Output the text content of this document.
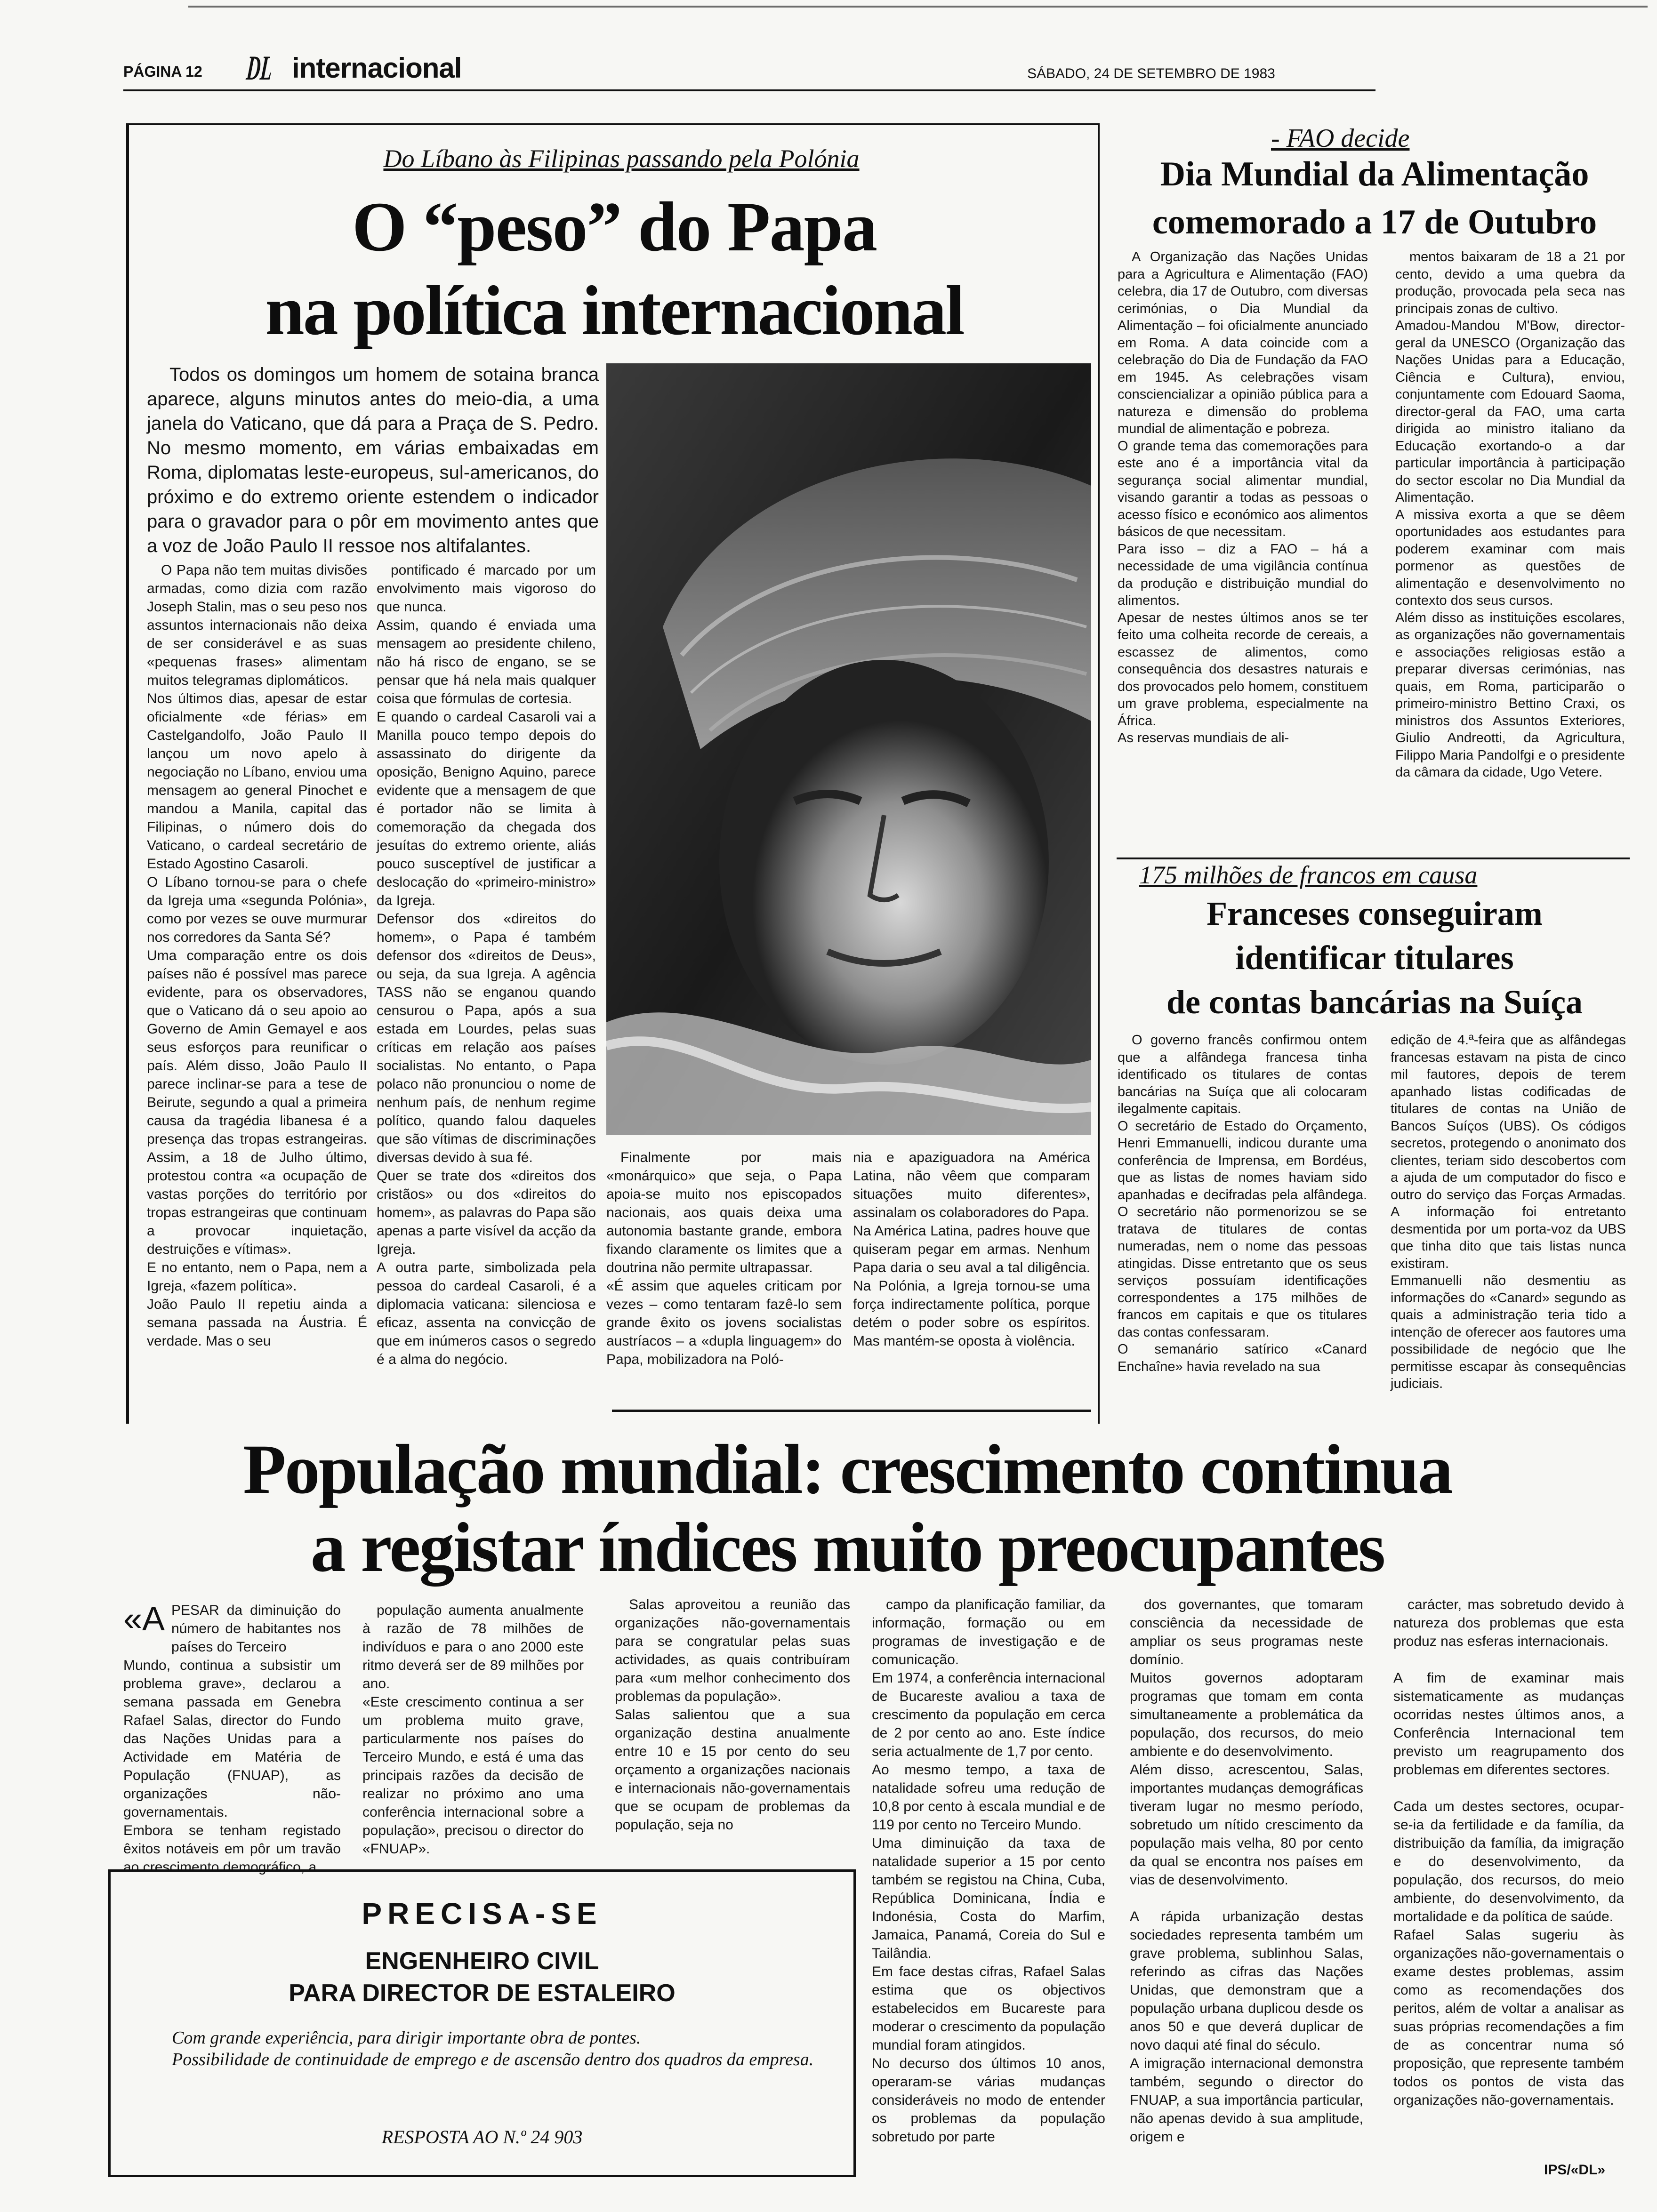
PÁGINA 12	DL internacional	SÁBADO, 24 DE SETEMBRO DE 1983
Do Líbano às Filipinas passando pela Polónia
O “peso” do Papa
na política internacional
Todos os domingos um homem de sotaina branca aparece, alguns minutos antes do meio-dia, a uma janela do Vaticano, que dá para a Praça de S. Pedro. No mesmo momento, em várias embaixadas em Roma, diplomatas leste-europeus, sul-americanos, do próximo e do extremo oriente estendem o indicador para o gravador para o pôr em movimento antes que a voz de João Paulo II ressoe nos altifalantes.
O Papa não tem muitas divisões armadas, como dizia com razão Joseph Stalin, mas o seu peso nos assuntos internacionais não deixa de ser considerável e as suas «pequenas frases» alimentam muitos telegramas diplomáticos.
Nos últimos dias, apesar de estar oficialmente «de férias» em Castelgandolfo, João Paulo II lançou um novo apelo à negociação no Líbano, enviou uma mensagem ao general Pinochet e mandou a Manila, capital das Filipinas, o número dois do Vaticano, o cardeal secretário de Estado Agostino Casaroli.
O Líbano tornou-se para o chefe da Igreja uma «segunda Polónia», como por vezes se ouve murmurar nos corredores da Santa Sé?
Uma comparação entre os dois países não é possível mas parece evidente, para os observadores, que o Vaticano dá o seu apoio ao Governo de Amin Gemayel e aos seus esforços para reunificar o país. Além disso, João Paulo II parece inclinar-se para a tese de Beirute, segundo a qual a primeira causa da tragédia libanesa é a presença das tropas estrangeiras. Assim, a 18 de Julho último, protestou contra «a ocupação de vastas porções do território por tropas estrangeiras que continuam a provocar inquietação, destruições e vítimas».
E no entanto, nem o Papa, nem a Igreja, «fazem política».
João Paulo II repetiu ainda a semana passada na Áustria. É verdade. Mas o seu
pontificado é marcado por um envolvimento mais vigoroso do que nunca.
Assim, quando é enviada uma mensagem ao presidente chileno, não há risco de engano, se se pensar que há nela mais qualquer coisa que fórmulas de cortesia.
E quando o cardeal Casaroli vai a Manilla pouco tempo depois do assassinato do dirigente da oposição, Benigno Aquino, parece evidente que a mensagem de que é portador não se limita à comemoração da chegada dos jesuítas do extremo oriente, aliás pouco susceptível de justificar a deslocação do «primeiro-ministro» da Igreja.
Defensor dos «direitos do homem», o Papa é também defensor dos «direitos de Deus», ou seja, da sua Igreja. A agência TASS não se enganou quando censurou o Papa, após a sua estada em Lourdes, pelas suas críticas em relação aos países socialistas. No entanto, o Papa polaco não pronunciou o nome de nenhum país, de nenhum regime político, quando falou daqueles que são vítimas de discriminações diversas devido à sua fé.
Quer se trate dos «direitos dos cristãos» ou dos «direitos do homem», as palavras do Papa são apenas a parte visível da acção da Igreja.
A outra parte, simbolizada pela pessoa do cardeal Casaroli, é a diplomacia vaticana: silenciosa e eficaz, assenta na convicção de que em inúmeros casos o segredo é a alma do negócio.
Finalmente por mais «monárquico» que seja, o Papa apoia-se muito nos episcopados nacionais, aos quais deixa uma autonomia bastante grande, embora fixando claramente os limites que a doutrina não permite ultrapassar.
«É assim que aqueles criticam por vezes – como tentaram fazê-lo sem grande êxito os jovens socialistas austríacos – a «dupla linguagem» do Papa, mobilizadora na Poló-
nia e apaziguadora na América Latina, não vêem que comparam situações muito diferentes», assinalam os colaboradores do Papa.
Na América Latina, padres houve que quiseram pegar em armas. Nenhum Papa daria o seu aval a tal diligência. Na Polónia, a Igreja tornou-se uma força indirectamente política, porque detém o poder sobre os espíritos. Mas mantém-se oposta à violência.
- FAO decide
Dia Mundial da Alimentação
comemorado a 17 de Outubro
A Organização das Nações Unidas para a Agricultura e Alimentação (FAO) celebra, dia 17 de Outubro, com diversas cerimónias, o Dia Mundial da Alimentação – foi oficialmente anunciado em Roma. A data coincide com a celebração do Dia de Fundação da FAO em 1945. As celebrações visam consciencializar a opinião pública para a natureza e dimensão do problema mundial de alimentação e pobreza.
O grande tema das comemorações para este ano é a importância vital da segurança social alimentar mundial, visando garantir a todas as pessoas o acesso físico e económico aos alimentos básicos de que necessitam.
Para isso – diz a FAO – há a necessidade de uma vigilância contínua da produção e distribuição mundial do alimentos.
Apesar de nestes últimos anos se ter feito uma colheita recorde de cereais, a escassez de alimentos, como consequência dos desastres naturais e dos provocados pelo homem, constituem um grave problema, especialmente na África.
As reservas mundiais de ali-
mentos baixaram de 18 a 21 por cento, devido a uma quebra da produção, provocada pela seca nas principais zonas de cultivo.
Amadou-Mandou M'Bow, director-geral da UNESCO (Organização das Nações Unidas para a Educação, Ciência e Cultura), enviou, conjuntamente com Edouard Saoma, director-geral da FAO, uma carta dirigida ao ministro italiano da Educação exortando-o a dar particular importância à participação do sector escolar no Dia Mundial da Alimentação.
A missiva exorta a que se dêem oportunidades aos estudantes para poderem examinar com mais pormenor as questões de alimentação e desenvolvimento no contexto dos seus cursos.
Além disso as instituições escolares, as organizações não governamentais e associações religiosas estão a preparar diversas cerimónias, nas quais, em Roma, participarão o primeiro-ministro Bettino Craxi, os ministros dos Assuntos Exteriores, Giulio Andreotti, da Agricultura, Filippo Maria Pandolfgi e o presidente da câmara da cidade, Ugo Vetere.
175 milhões de francos em causa
Franceses conseguiram
identificar titulares
de contas bancárias na Suíça
O governo francês confirmou ontem que a alfândega francesa tinha identificado os titulares de contas bancárias na Suíça que ali colocaram ilegalmente capitais.
O secretário de Estado do Orçamento, Henri Emmanuelli, indicou durante uma conferência de Imprensa, em Bordéus, que as listas de nomes haviam sido apanhadas e decifradas pela alfândega. O secretário não pormenorizou se se tratava de titulares de contas numeradas, nem o nome das pessoas atingidas. Disse entretanto que os seus serviços possuíam identificações correspondentes a 175 milhões de francos em capitais e que os titulares das contas confessaram.
O semanário satírico «Canard Enchaîne» havia revelado na sua
edição de 4.ª-feira que as alfândegas francesas estavam na pista de cinco mil fautores, depois de terem apanhado listas codificadas de titulares de contas na União de Bancos Suíços (UBS). Os códigos secretos, protegendo o anonimato dos clientes, teriam sido descobertos com a ajuda de um computador do fisco e outro do serviço das Forças Armadas. A informação foi entretanto desmentida por um porta-voz da UBS que tinha dito que tais listas nunca existiram.
Emmanuelli não desmentiu as informações do «Canard» segundo as quais a administração teria tido a intenção de oferecer aos fautores uma possibilidade de negócio que lhe permitisse escapar às consequências judiciais.
População mundial: crescimento continua
a registar índices muito preocupantes
«A PESAR da diminuição do número de habitantes nos países do Terceiro
Mundo, continua a subsistir um problema grave», declarou a semana passada em Genebra Rafael Salas, director do Fundo das Nações Unidas para a Actividade em Matéria de População (FNUAP), as organizações não-governamentais.
Embora se tenham registado êxitos notáveis em pôr um travão ao crescimento demográfico, a
população aumenta anualmente à razão de 78 milhões de indivíduos e para o ano 2000 este ritmo deverá ser de 89 milhões por ano.
«Este crescimento continua a ser um problema muito grave, particularmente nos países do Terceiro Mundo, e está é uma das principais razões da decisão de realizar no próximo ano uma conferência internacional sobre a população», precisou o director do «FNUAP».
Salas aproveitou a reunião das organizações não-governamentais para se congratular pelas suas actividades, as quais contribuíram para «um melhor conhecimento dos problemas da população».
Salas salientou que a sua organização destina anualmente entre 10 e 15 por cento do seu orçamento a organizações nacionais e internacionais não-governamentais que se ocupam de problemas da população, seja no
campo da planificação familiar, da informação, formação ou em programas de investigação e de comunicação.
Em 1974, a conferência internacional de Bucareste avaliou a taxa de crescimento da população em cerca de 2 por cento ao ano. Este índice seria actualmente de 1,7 por cento.
Ao mesmo tempo, a taxa de natalidade sofreu uma redução de 10,8 por cento à escala mundial e de 119 por cento no Terceiro Mundo.
Uma diminuição da taxa de natalidade superior a 15 por cento também se registou na China, Cuba, República Dominicana, Índia e Indonésia, Costa do Marfim, Jamaica, Panamá, Coreia do Sul e Tailândia.
Em face destas cifras, Rafael Salas estima que os objectivos estabelecidos em Bucareste para moderar o crescimento da população mundial foram atingidos.
No decurso dos últimos 10 anos, operaram-se várias mudanças consideráveis no modo de entender os problemas da população sobretudo por parte
dos governantes, que tomaram consciência da necessidade de ampliar os seus programas neste domínio.
Muitos governos adoptaram programas que tomam em conta simultaneamente a problemática da população, dos recursos, do meio ambiente e do desenvolvimento.
Além disso, acrescentou, Salas, importantes mudanças demográficas tiveram lugar no mesmo período, sobretudo um nítido crescimento da população mais velha, 80 por cento da qual se encontra nos países em vias de desenvolvimento.

A rápida urbanização destas sociedades representa também um grave problema, sublinhou Salas, referindo as cifras das Nações Unidas, que demonstram que a população urbana duplicou desde os anos 50 e que deverá duplicar de novo daqui até final do século.
A imigração internacional demonstra também, segundo o director do FNUAP, a sua importância particular, não apenas devido à sua amplitude, origem e
carácter, mas sobretudo devido à natureza dos problemas que esta produz nas esferas internacionais.

A fim de examinar mais sistematicamente as mudanças ocorridas nestes últimos anos, a Conferência Internacional tem previsto um reagrupamento dos problemas em diferentes sectores.

Cada um destes sectores, ocupar-se-ia da fertilidade e da família, da distribuição da família, da imigração e do desenvolvimento, da população, dos recursos, do meio ambiente, do desenvolvimento, da mortalidade e da política de saúde.
Rafael Salas sugeriu às organizações não-governamentais o exame destes problemas, assim como as recomendações dos peritos, além de voltar a analisar as suas próprias recomendações a fim de as concentrar numa só proposição, que represente também todos os pontos de vista das organizações não-governamentais.
IPS/«DL»
PRECISA-SE
ENGENHEIRO CIVIL
PARA DIRECTOR DE ESTALEIRO
Com grande experiência, para dirigir importante obra de pontes.
Possibilidade de continuidade de emprego e de ascensão dentro dos quadros da empresa.
RESPOSTA AO N.º 24 903
